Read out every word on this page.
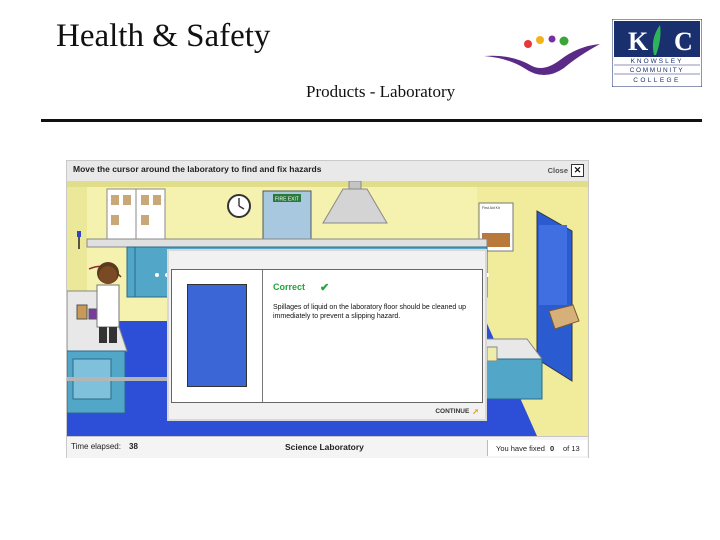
Health & Safety
Products - Laboratory
K C
KNOWSLEY
COMMUNITY
COLLEGE
Move the cursor around the laboratory to find and fix hazards	Close ✕
FIRE EXIT
First Aid Kit
Correct ✔
Spillages of liquid on the laboratory floor should be cleaned up immediately to prevent a slipping hazard.
CONTINUE ➚
Time elapsed: 38	Science Laboratory	You have fixed 0 of 13
